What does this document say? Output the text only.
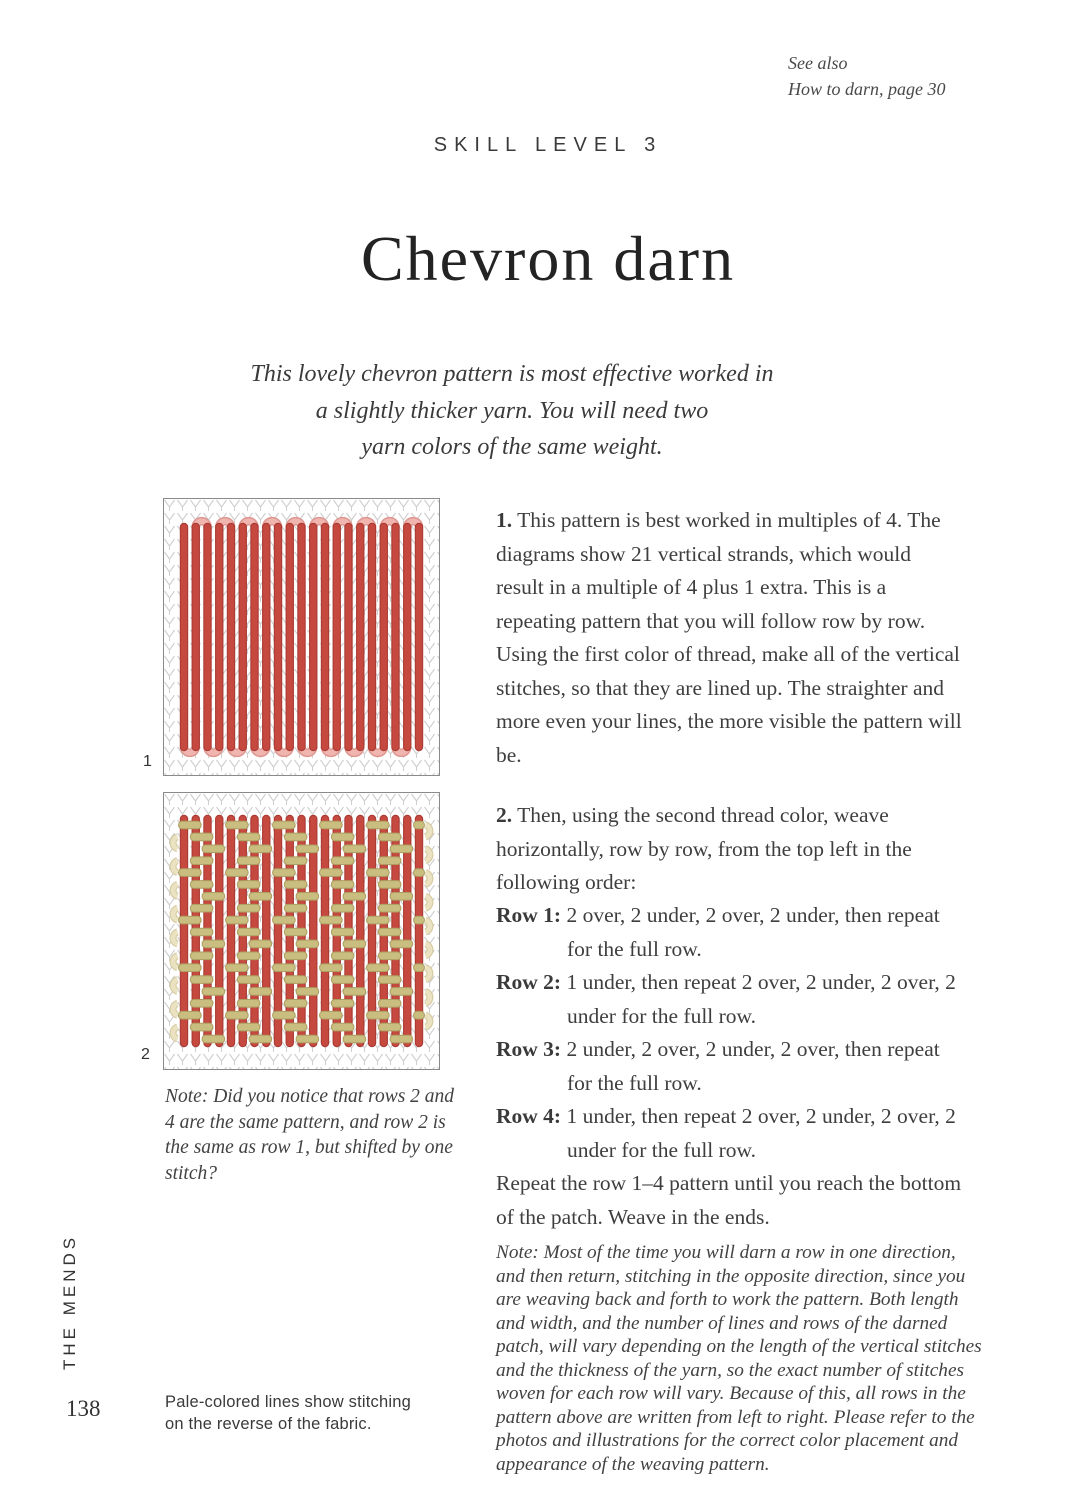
See also
How to darn, page 30
SKILL LEVEL 3
Chevron darn
This lovely chevron pattern is most effective worked in
a slightly thicker yarn. You will need two
yarn colors of the same weight.
1
2
Note: Did you notice that rows 2 and 4 are the same pattern, and row 2 is the same as row 1, but shifted by one stitch?
1. This pattern is best worked in multiples of 4. The diagrams show 21 vertical strands, which would result in a multiple of 4 plus 1 extra. This is a repeating pattern that you will follow row by row. Using the first color of thread, make all of the vertical stitches, so that they are lined up. The straighter and more even your lines, the more visible the pattern will be.
2. Then, using the second thread color, weave horizontally, row by row, from the top left in the following order:
Row 1: 2 over, 2 under, 2 over, 2 under, then repeat for the full row.
Row 2: 1 under, then repeat 2 over, 2 under, 2 over, 2 under for the full row.
Row 3: 2 under, 2 over, 2 under, 2 over, then repeat for the full row.
Row 4: 1 under, then repeat 2 over, 2 under, 2 over, 2 under for the full row.
Repeat the row 1–4 pattern until you reach the bottom of the patch. Weave in the ends.
Note: Most of the time you will darn a row in one direction, and then return, stitching in the opposite direction, since you are weaving back and forth to work the pattern. Both length and width, and the number of lines and rows of the darned patch, will vary depending on the length of the vertical stitches and the thickness of the yarn, so the exact number of stitches woven for each row will vary. Because of this, all rows in the pattern above are written from left to right. Please refer to the photos and illustrations for the correct color placement and appearance of the weaving pattern.
THE MENDS
138	Pale-colored lines show stitching
on the reverse of the fabric.
